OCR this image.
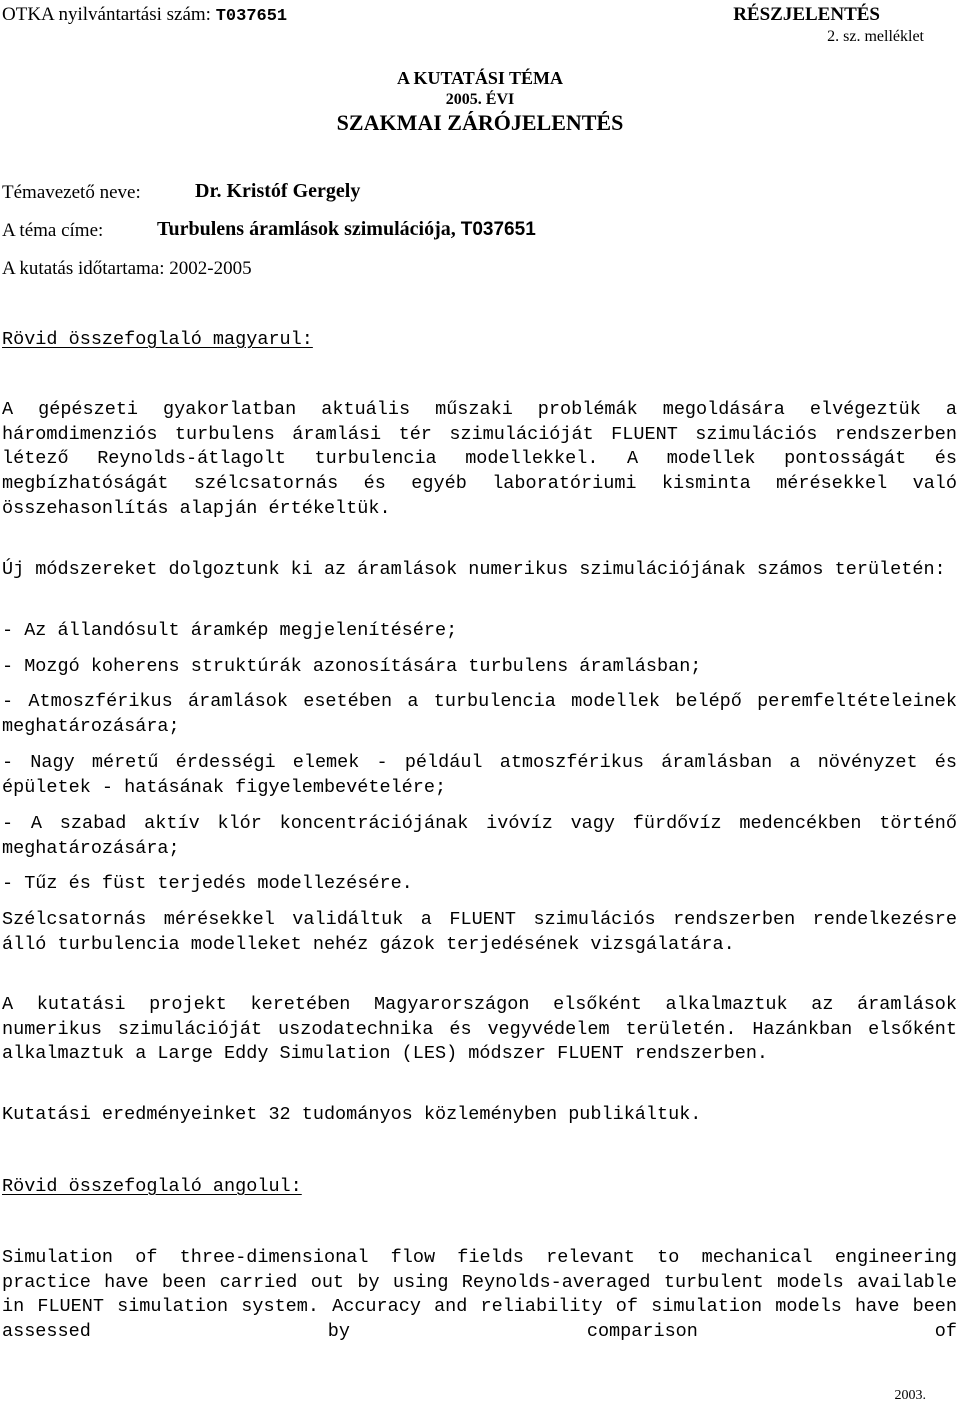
OTKA nyilvántartási szám: T037651	RÉSZJELENTÉS
2. sz. melléklet
A KUTATÁSI TÉMA
2005. ÉVI
SZAKMAI ZÁRÓJELENTÉS
Témavezető neve:	Dr. Kristóf Gergely
A téma címe:	Turbulens áramlások szimulációja, T037651
A kutatás időtartama: 2002-2005
Rövid összefoglaló magyarul:
A gépészeti gyakorlatban aktuális műszaki problémák megoldására elvégeztük a háromdimenziós turbulens áramlási tér szimulációját FLUENT szimulációs rendszerben létező Reynolds-átlagolt turbulencia modellekkel. A modellek pontosságát és megbízhatóságát szélcsatornás és egyéb laboratóriumi kisminta mérésekkel való összehasonlítás alapján értékeltük.
Új módszereket dolgoztunk ki az áramlások numerikus szimulációjának számos területén:
- Az állandósult áramkép megjelenítésére;
- Mozgó koherens struktúrák azonosítására turbulens áramlásban;
- Atmoszférikus áramlások esetében a turbulencia modellek belépő peremfeltételeinek meghatározására;
- Nagy méretű érdességi elemek - például atmoszférikus áramlásban a növényzet és épületek - hatásának figyelembevételére;
- A szabad aktív klór koncentrációjának ivóvíz vagy fürdővíz medencékben történő meghatározására;
- Tűz és füst terjedés modellezésére.
Szélcsatornás mérésekkel validáltuk a FLUENT szimulációs rendszerben rendelkezésre álló turbulencia modelleket nehéz gázok terjedésének vizsgálatára.
A kutatási projekt keretében Magyarországon elsőként alkalmaztuk az áramlások numerikus szimulációját uszodatechnika és vegyvédelem területén. Hazánkban elsőként alkalmaztuk a Large Eddy Simulation (LES) módszer FLUENT rendszerben.
Kutatási eredményeinket 32 tudományos közleményben publikáltuk.
Rövid összefoglaló angolul:
Simulation of three-dimensional flow fields relevant to mechanical engineering practice have been carried out by using Reynolds-averaged turbulent models available in FLUENT simulation system. Accuracy and reliability of simulation models have been assessed by comparison of
2003.
